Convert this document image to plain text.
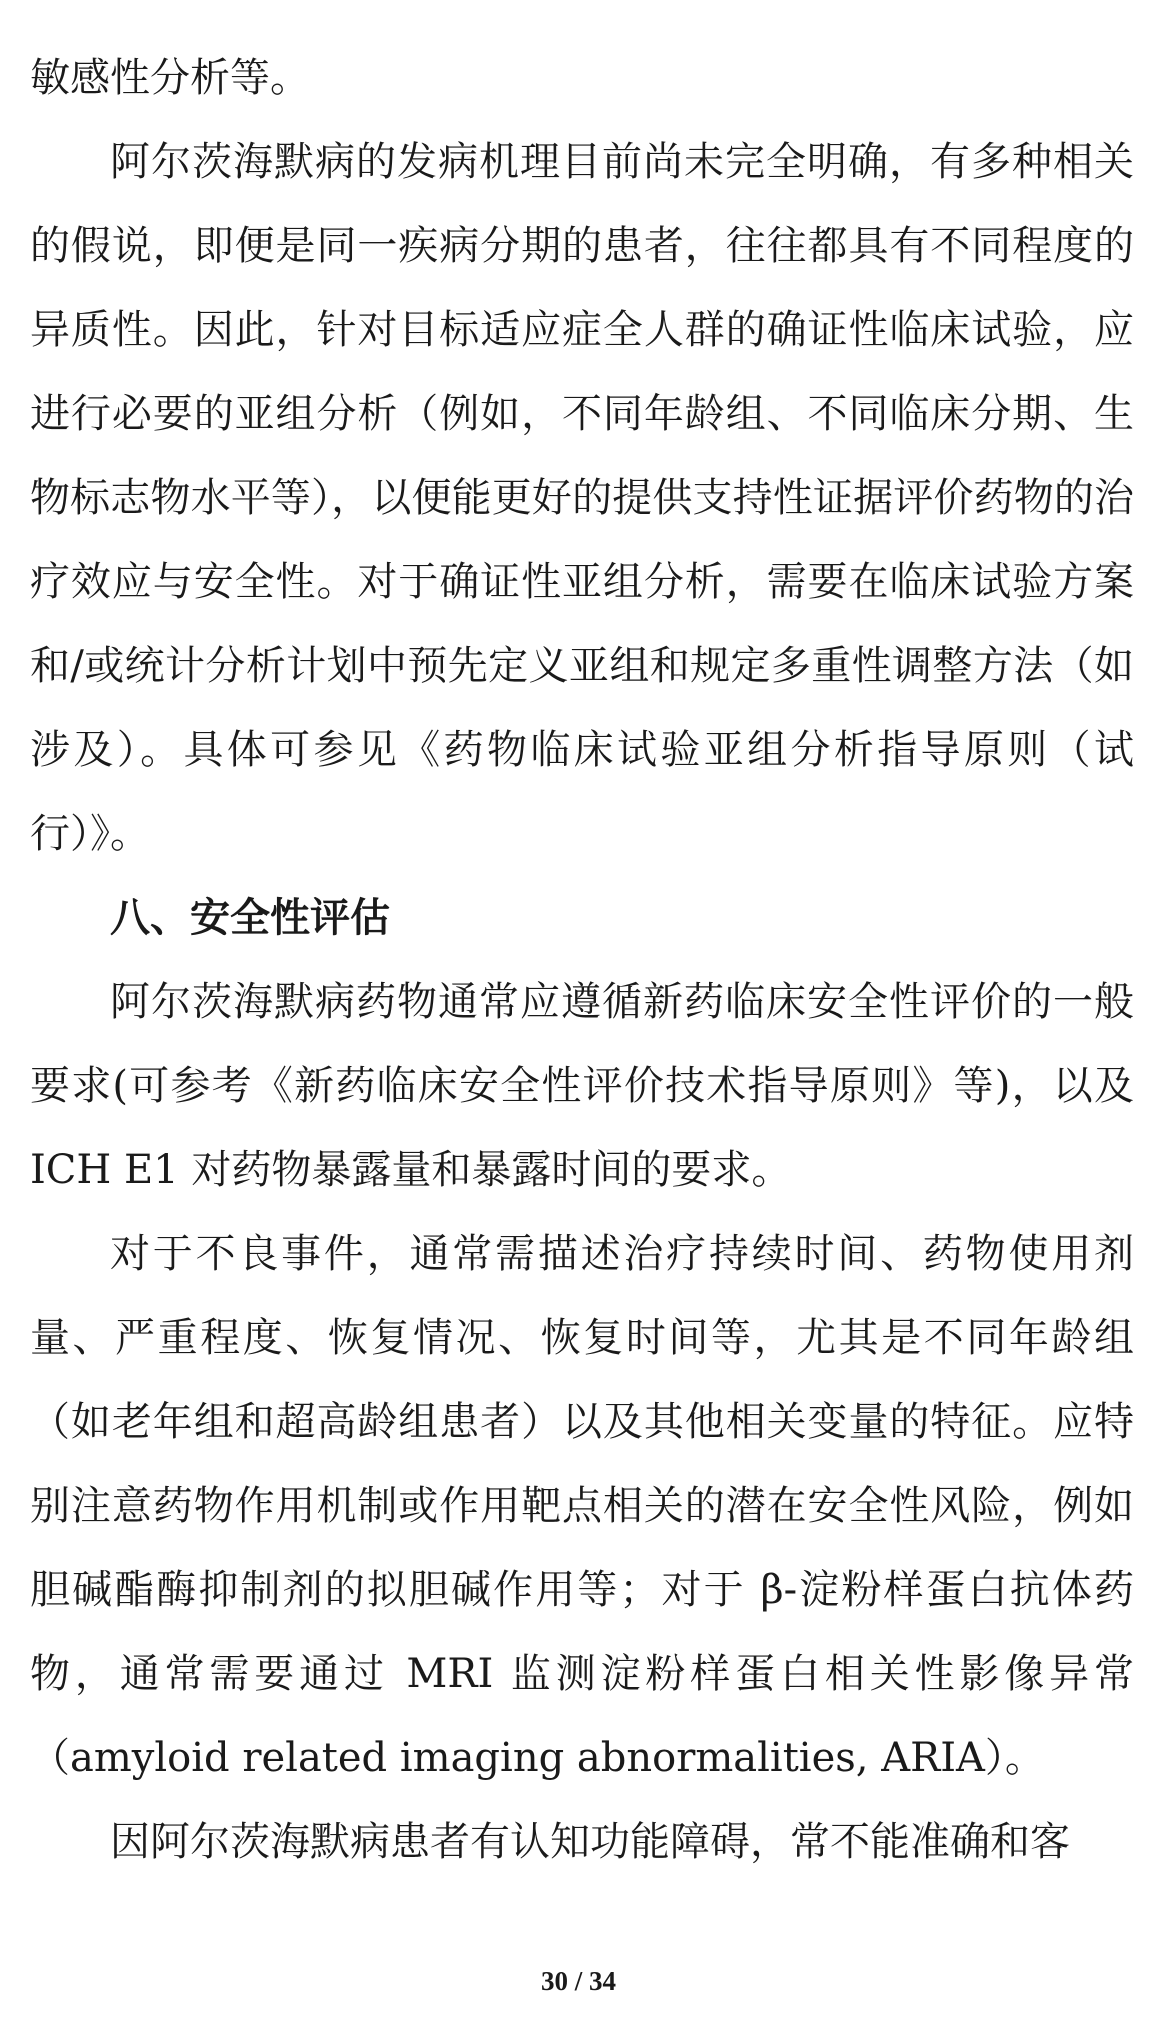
敏感性分析等。

阿尔茨海默病的发病机理目前尚未完全明确，有多种相关的假说，即便是同一疾病分期的患者，往往都具有不同程度的异质性。因此，针对目标适应症全人群的确证性临床试验，应进行必要的亚组分析（例如，不同年龄组、不同临床分期、生物标志物水平等），以便能更好的提供支持性证据评价药物的治疗效应与安全性。对于确证性亚组分析，需要在临床试验方案和/或统计分析计划中预先定义亚组和规定多重性调整方法（如涉及）。具体可参见《药物临床试验亚组分析指导原则（试行）》。

八、安全性评估

阿尔茨海默病药物通常应遵循新药临床安全性评价的一般要求(可参考《新药临床安全性评价技术指导原则》等)，以及 ICH E1 对药物暴露量和暴露时间的要求。

对于不良事件，通常需描述治疗持续时间、药物使用剂量、严重程度、恢复情况、恢复时间等，尤其是不同年龄组（如老年组和超高龄组患者）以及其他相关变量的特征。应特别注意药物作用机制或作用靶点相关的潜在安全性风险，例如胆碱酯酶抑制剂的拟胆碱作用等；对于 β-淀粉样蛋白抗体药物，通常需要通过 MRI 监测淀粉样蛋白相关性影像异常（amyloid related imaging abnormalities, ARIA）。

因阿尔茨海默病患者有认知功能障碍，常不能准确和客

30 / 34
